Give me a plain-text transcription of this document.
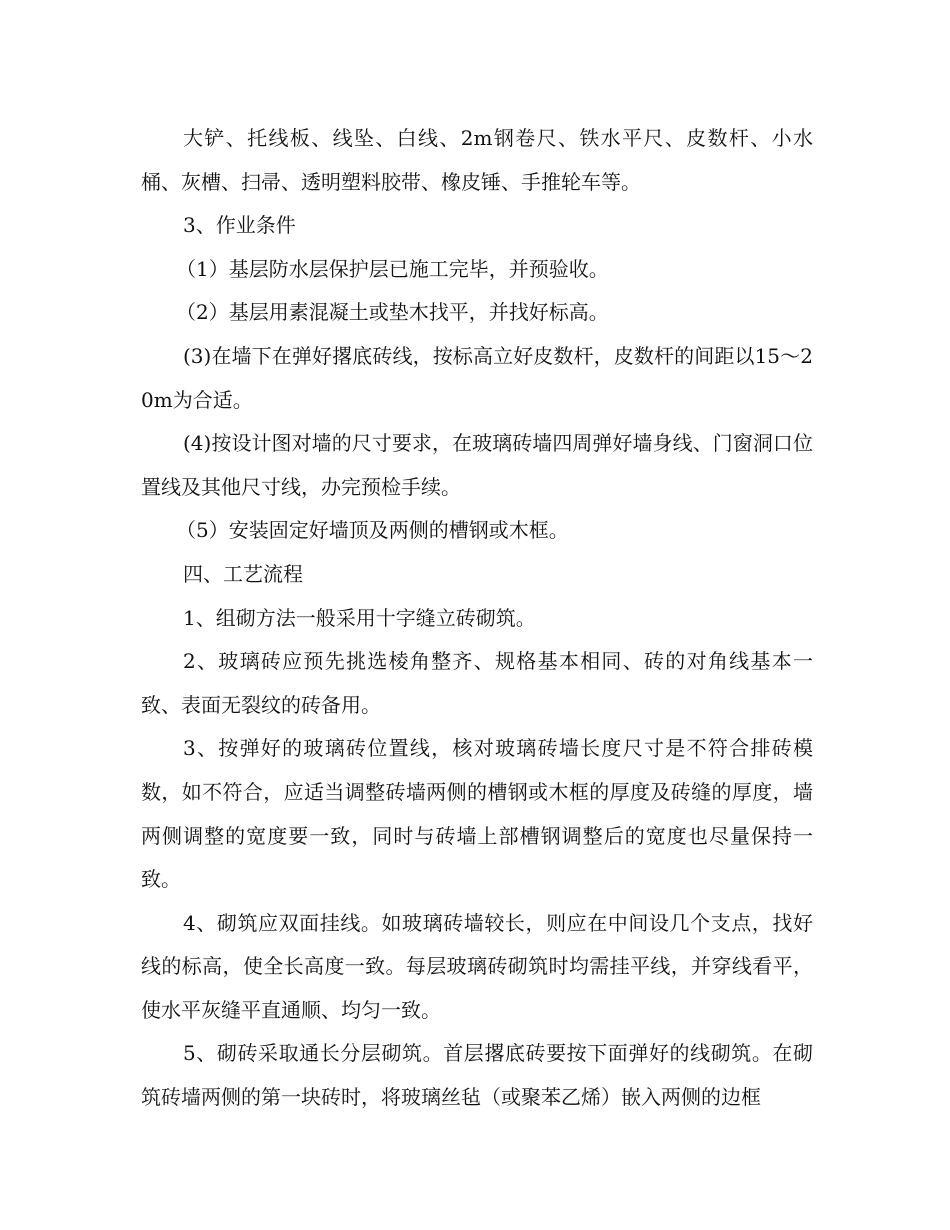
大铲、托线板、线坠、白线、2m钢卷尺、铁水平尺、皮数杆、小水桶、灰槽、扫帚、透明塑料胶带、橡皮锤、手推轮车等。

3、作业条件

（1）基层防水层保护层已施工完毕，并预验收。

（2）基层用素混凝土或垫木找平，并找好标高。

(3)在墙下在弹好撂底砖线，按标高立好皮数杆，皮数杆的间距以15～20m为合适。

(4)按设计图对墙的尺寸要求，在玻璃砖墙四周弹好墙身线、门窗洞口位置线及其他尺寸线，办完预检手续。

（5）安装固定好墙顶及两侧的槽钢或木框。

四、工艺流程

1、组砌方法一般采用十字缝立砖砌筑。

2、玻璃砖应预先挑选棱角整齐、规格基本相同、砖的对角线基本一致、表面无裂纹的砖备用。

3、按弹好的玻璃砖位置线，核对玻璃砖墙长度尺寸是不符合排砖模数，如不符合，应适当调整砖墙两侧的槽钢或木框的厚度及砖缝的厚度，墙两侧调整的宽度要一致，同时与砖墙上部槽钢调整后的宽度也尽量保持一致。

4、砌筑应双面挂线。如玻璃砖墙较长，则应在中间设几个支点，找好线的标高，使全长高度一致。每层玻璃砖砌筑时均需挂平线，并穿线看平，使水平灰缝平直通顺、均匀一致。

5、砌砖采取通长分层砌筑。首层撂底砖要按下面弹好的线砌筑。在砌筑砖墙两侧的第一块砖时，将玻璃丝毡（或聚苯乙烯）嵌入两侧的边框
